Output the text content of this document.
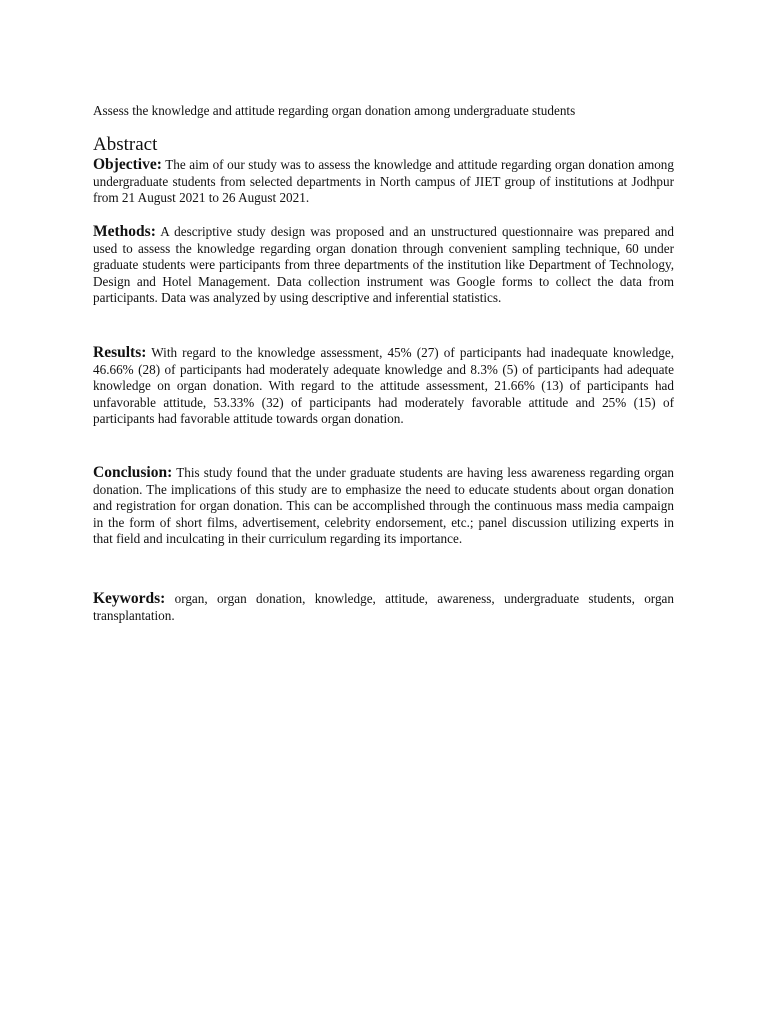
Assess the knowledge and attitude regarding organ donation among undergraduate students
Abstract

Objective: The aim of our study was to assess the knowledge and attitude regarding organ donation among undergraduate students from selected departments in North campus of JIET group of institutions at Jodhpur from 21 August 2021 to 26 August 2021.

Methods: A descriptive study design was proposed and an unstructured questionnaire was prepared and used to assess the knowledge regarding organ donation through convenient sampling technique, 60 under graduate students were participants from three departments of the institution like Department of Technology, Design and Hotel Management. Data collection instrument was Google forms to collect the data from participants. Data was analyzed by using descriptive and inferential statistics.

Results: With regard to the knowledge assessment, 45% (27) of participants had inadequate knowledge, 46.66% (28) of participants had moderately adequate knowledge and 8.3% (5) of participants had adequate knowledge on organ donation. With regard to the attitude assessment, 21.66% (13) of participants had unfavorable attitude, 53.33% (32) of participants had moderately favorable attitude and 25% (15) of participants had favorable attitude towards organ donation.

Conclusion: This study found that the under graduate students are having less awareness regarding organ donation. The implications of this study are to emphasize the need to educate students about organ donation and registration for organ donation. This can be accomplished through the continuous mass media campaign in the form of short films, advertisement, celebrity endorsement, etc.; panel discussion utilizing experts in that field and inculcating in their curriculum regarding its importance.

Keywords: organ, organ donation, knowledge, attitude, awareness, undergraduate students, organ transplantation.
